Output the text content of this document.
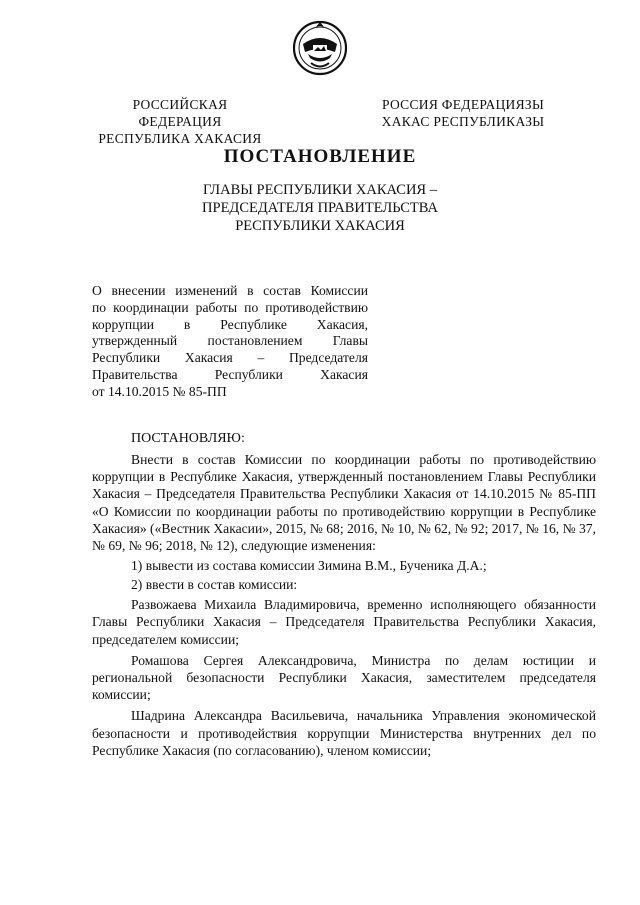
РОССИЙСКАЯ ФЕДЕРАЦИЯ
РЕСПУБЛИКА ХАКАСИЯ
РОССИЯ ФЕДЕРАЦИЯЗЫ
ХАКАС РЕСПУБЛИКАЗЫ
ПОСТАНОВЛЕНИЕ
ГЛАВЫ РЕСПУБЛИКИ ХАКАСИЯ –
ПРЕДСЕДАТЕЛЯ ПРАВИТЕЛЬСТВА
РЕСПУБЛИКИ ХАКАСИЯ
О внесении изменений в состав Комиссии
по координации работы по противодействию
коррупции в Республике Хакасия,
утвержденный постановлением Главы
Республики Хакасия – Председателя
Правительства Республики Хакасия
от 14.10.2015 № 85-ПП
ПОСТАНОВЛЯЮ:

Внести в состав Комиссии по координации работы по противодействию коррупции в Республике Хакасия, утвержденный постановлением Главы Республики Хакасия – Председателя Правительства Республики Хакасия от 14.10.2015 № 85-ПП «О Комиссии по координации работы по противодействию коррупции в Республике Хакасия» («Вестник Хакасии», 2015, № 68; 2016, № 10, № 62, № 92; 2017, № 16, № 37, № 69, № 96; 2018, № 12), следующие изменения:

1) вывести из состава комиссии Зимина В.М., Бученика Д.А.;

2) ввести в состав комиссии:

Развожаева Михаила Владимировича, временно исполняющего обязанности Главы Республики Хакасия – Председателя Правительства Республики Хакасия, председателем комиссии;

Ромашова Сергея Александровича, Министра по делам юстиции и региональной безопасности Республики Хакасия, заместителем председателя комиссии;

Шадрина Александра Васильевича, начальника Управления экономической безопасности и противодействия коррупции Министерства внутренних дел по Республике Хакасия (по согласованию), членом комиссии;
